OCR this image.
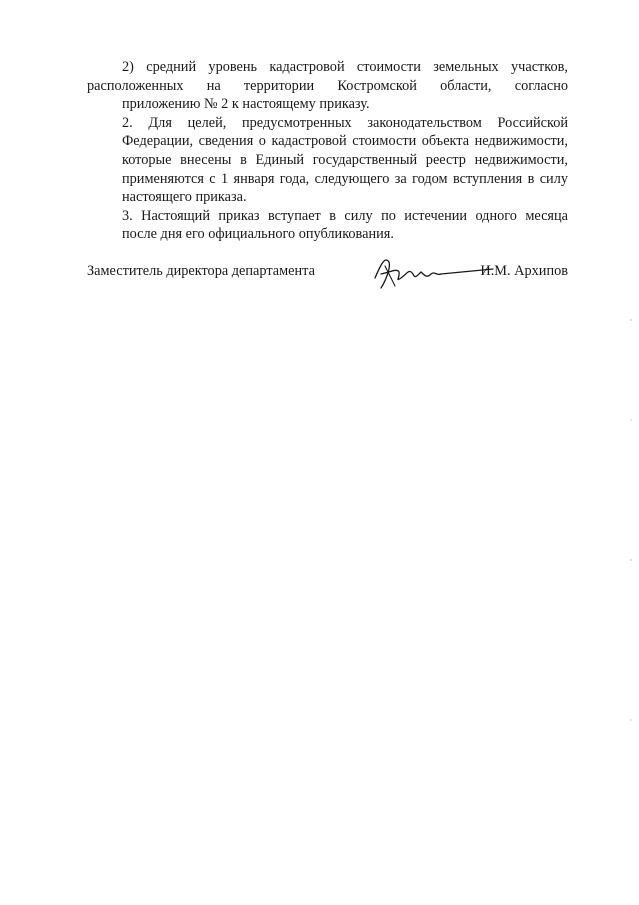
2) средний уровень кадастровой стоимости земельных участков,
расположенных на территории Костромской области, согласно
приложению № 2 к настоящему приказу.

2. Для целей, предусмотренных законодательством Российской
Федерации, сведения о кадастровой стоимости объекта недвижимости,
которые внесены в Единый государственный реестр недвижимости,
применяются с 1 января года, следующего за годом вступления в силу
настоящего приказа.

3. Настоящий приказ вступает в силу по истечении одного месяца
после дня его официального опубликования.

Заместитель директора департамента	И.М. Архипов
